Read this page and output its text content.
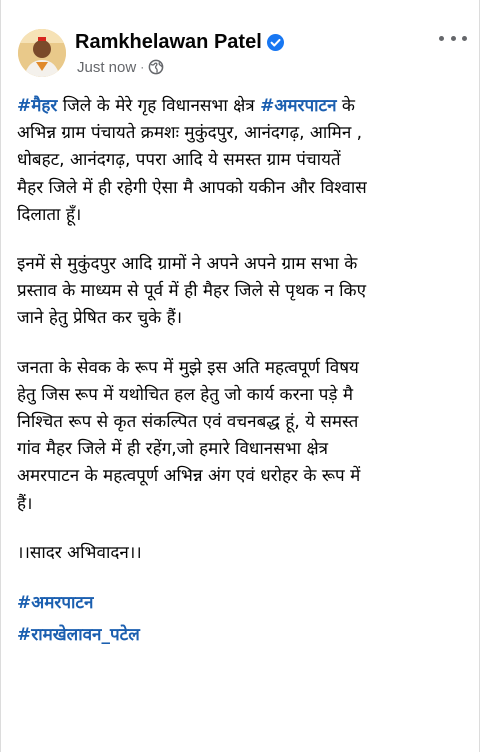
Ramkhelawan Patel
Just now ·

#मैहर जिले के मेरे गृह विधानसभा क्षेत्र #अमरपाटन के
अभिन्न ग्राम पंचायते क्रमशः मुकुंदपुर, आनंदगढ़, आमिन ,
धोबहट, आनंदगढ़, पपरा आदि ये समस्त ग्राम पंचायतें
मैहर जिले में ही रहेगी ऐसा मै आपको यकीन और विश्वास
दिलाता हूँ।

इनमें से मुकुंदपुर आदि ग्रामों ने अपने अपने ग्राम सभा के
प्रस्ताव के माध्यम से पूर्व में ही मैहर जिले से पृथक न किए
जाने हेतु प्रेषित कर चुके हैं।

जनता के सेवक के रूप में मुझे इस अति महत्वपूर्ण विषय
हेतु जिस रूप में यथोचित हल हेतु जो कार्य करना पड़े मै
निश्चित रूप से कृत संकल्पित एवं वचनबद्ध हूं, ये समस्त
गांव मैहर जिले में ही रहेंग,जो हमारे विधानसभा क्षेत्र
अमरपाटन के महत्वपूर्ण अभिन्न अंग एवं धरोहर के रूप में
हैं।

।।सादर अभिवादन।।

#अमरपाटन
#रामखेलावन_पटेल
